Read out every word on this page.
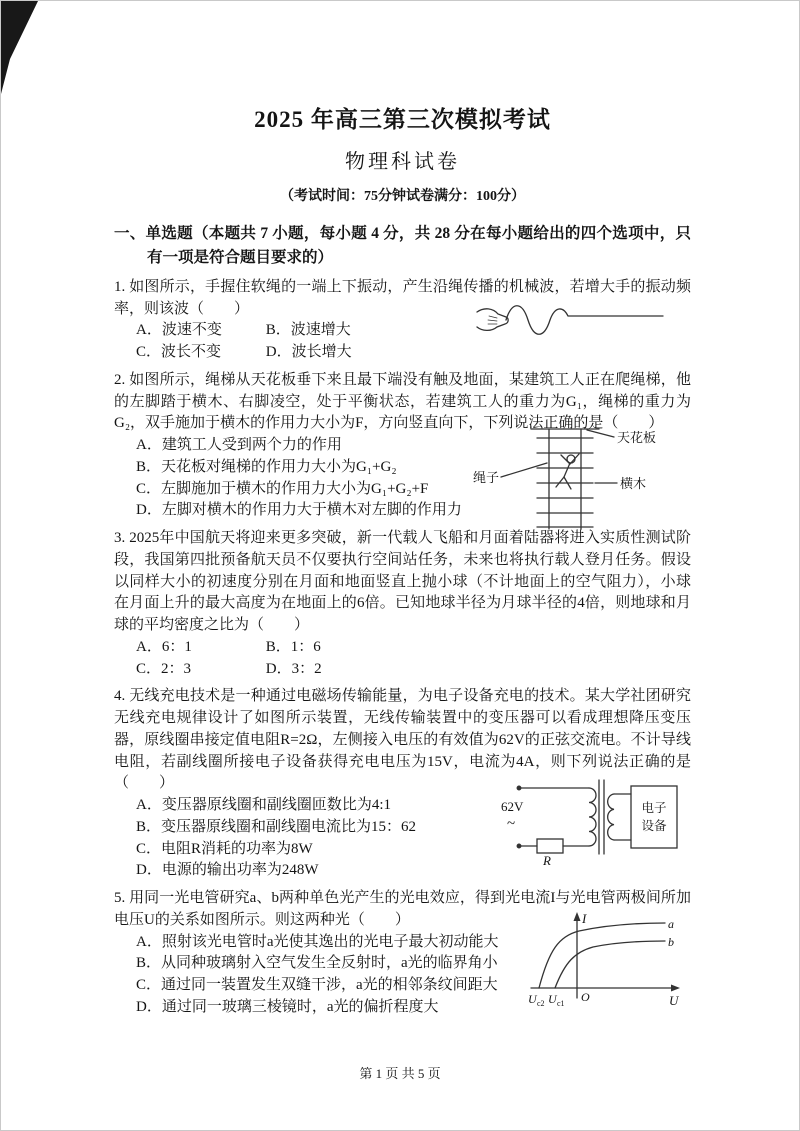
2025 年高三第三次模拟考试
物理科试卷
（考试时间：75分钟试卷满分：100分）
一、单选题（本题共 7 小题，每小题 4 分，共 28 分在每小题给出的四个选项中，只有一项是符合题目要求的）

1. 如图所示，手握住软绳的一端上下振动，产生沿绳传播的机械波，若增大手的振动频率，则该波（　　）

A．波速不变	B．波速增大
C．波长不变	D．波长增大

2. 如图所示，绳梯从天花板垂下来且最下端没有触及地面，某建筑工人正在爬绳梯，他的左脚踏于横木、右脚凌空，处于平衡状态，若建筑工人的重力为G₁，绳梯的重力为G₂，双手施加于横木的作用力大小为F，方向竖直向下，下列说法正确的是（　　）

A．建筑工人受到两个力的作用
B．天花板对绳梯的作用力大小为G₁+G₂
C．左脚施加于横木的作用力大小为G₁+G₂+F
D．左脚对横木的作用力大于横木对左脚的作用力
绳子
天花板
横木

3. 2025年中国航天将迎来更多突破，新一代载人飞船和月面着陆器将进入实质性测试阶段，我国第四批预备航天员不仅要执行空间站任务，未来也将执行载人登月任务。假设以同样大小的初速度分别在月面和地面竖直上抛小球（不计地面上的空气阻力），小球在月面上升的最大高度为在地面上的6倍。已知地球半径为月球半径的4倍，则地球和月球的平均密度之比为（　　）

A．6：1	B．1：6
C．2：3	D．3：2

4. 无线充电技术是一种通过电磁场传输能量，为电子设备充电的技术。某大学社团研究无线充电规律设计了如图所示装置，无线传输装置中的变压器可以看成理想降压变压器，原线圈串接定值电阻R=2Ω，左侧接入电压的有效值为62V的正弦交流电。不计导线电阻，若副线圈所接电子设备获得充电电压为15V，电流为4A，则下列说法正确的是（　　）

A．变压器原线圈和副线圈匝数比为4:1
B．变压器原线圈和副线圈电流比为15：62
C．电阻R消耗的功率为8W
D．电源的输出功率为248W
62V
~
R
电子
设备

5. 用同一光电管研究a、b两种单色光产生的光电效应，得到光电流I与光电管两极间所加电压U的关系如图所示。则这两种光（　　）

A．照射该光电管时a光使其逸出的光电子最大初动能大
B．从同种玻璃射入空气发生全反射时，a光的临界角小
C．通过同一装置发生双缝干涉，a光的相邻条纹间距大
D．通过同一玻璃三棱镜时，a光的偏折程度大
I
U
O
a
b
U c2 U c1
第 1 页 共 5 页
